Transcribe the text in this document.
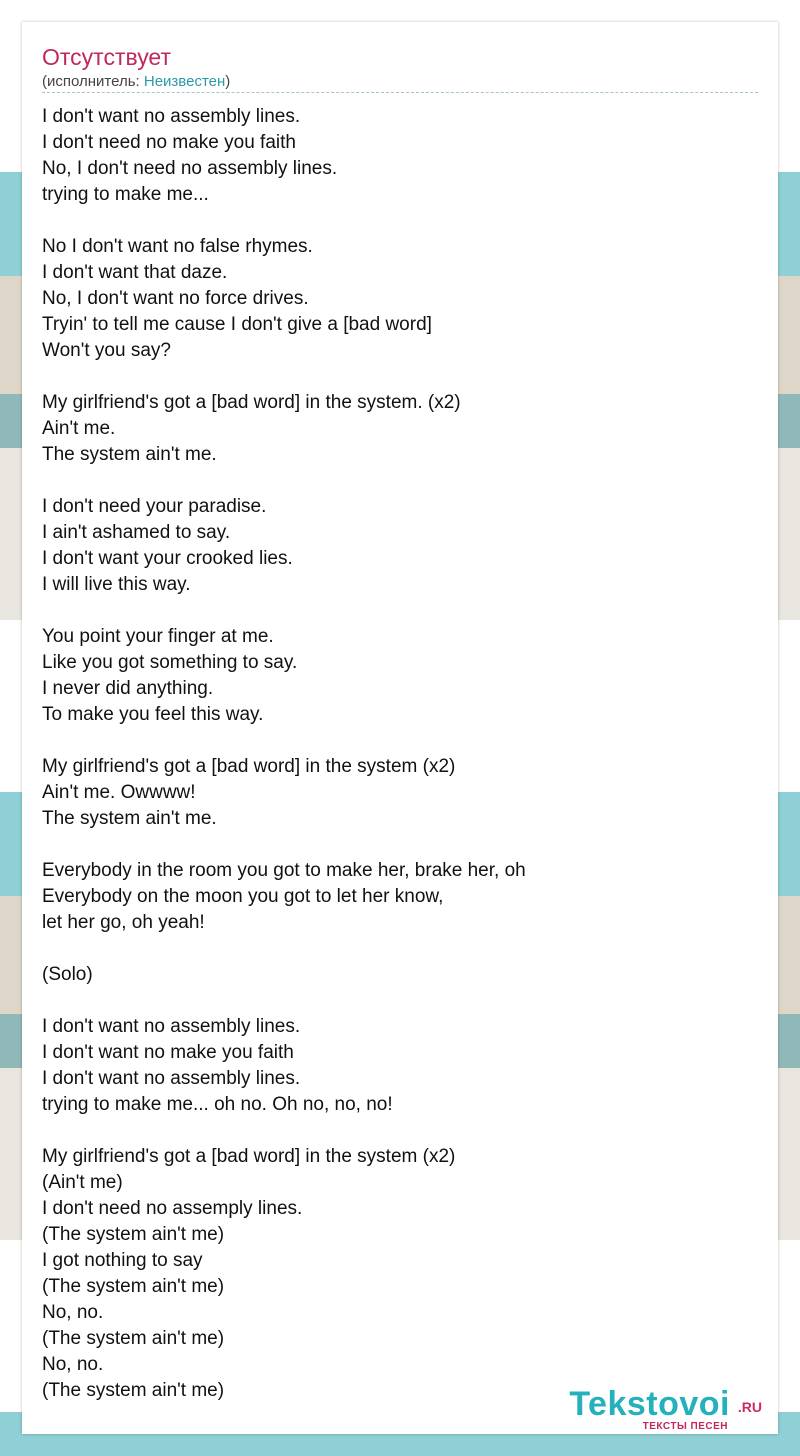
Отсутствует
(исполнитель: Неизвестен)
I don't want no assembly lines.
I don't need no make you faith
No, I don't need no assembly lines.
trying to make me...

No I don't want no false rhymes.
I don't want that daze.
No, I don't want no force drives.
Tryin' to tell me cause I don't give a [bad word]
Won't you say?

My girlfriend's got a [bad word] in the system. (x2)
Ain't me.
The system ain't me.

I don't need your paradise.
I ain't ashamed to say.
I don't want your crooked lies.
I will live this way.

You point your finger at me.
Like you got something to say.
I never did anything.
To make you feel this way.

My girlfriend's got a [bad word] in the system (x2)
Ain't me. Owwww!
The system ain't me.

Everybody in the room you got to make her, brake her, oh
Everybody on the moon you got to let her know,
let her go, oh yeah!

(Solo)

I don't want no assembly lines.
I don't want no make you faith
I don't want no assembly lines.
trying to make me... oh no. Oh no, no, no!

My girlfriend's got a [bad word] in the system (x2)
(Ain't me)
I don't need no assemply lines.
(The system ain't me)
I got nothing to say
(The system ain't me)
No, no.
(The system ain't me)
No, no.
(The system ain't me)	Tekstovoi .RU
ТЕКСТЫ ПЕСЕН
